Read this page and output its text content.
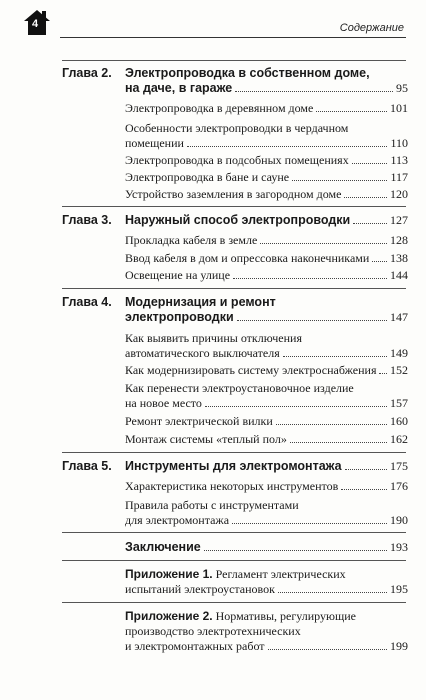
4	Содержание
Глава 2. Электропроводка в собственном доме,
на даче, в гараже	95
Электропроводка в деревянном доме	101
Особенности электропроводки в чердачном
помещении	110
Электропроводка в подсобных помещениях	113
Электропроводка в бане и сауне	117
Устройство заземления в загородном доме	120
Глава 3. Наружный способ электропроводки	127
Прокладка кабеля в земле	128
Ввод кабеля в дом и опрессовка наконечниками 138
Освещение на улице	144
Глава 4. Модернизация и ремонт
электропроводки	147
Как выявить причины отключения
автоматического выключателя	149
Как модернизировать систему электроснабжения 152
Как перенести электроустановочное изделие
на новое место	157
Ремонт электрической вилки	160
Монтаж системы «теплый пол»	162
Глава 5. Инструменты для электромонтажа	175
Характеристика некоторых инструментов	176
Правила работы с инструментами
для электромонтажа	190
Заключение	193
Приложение 1. Регламент электрических
испытаний электроустановок	195
Приложение 2. Нормативы, регулирующие
производство электротехнических
и электромонтажных работ	199
